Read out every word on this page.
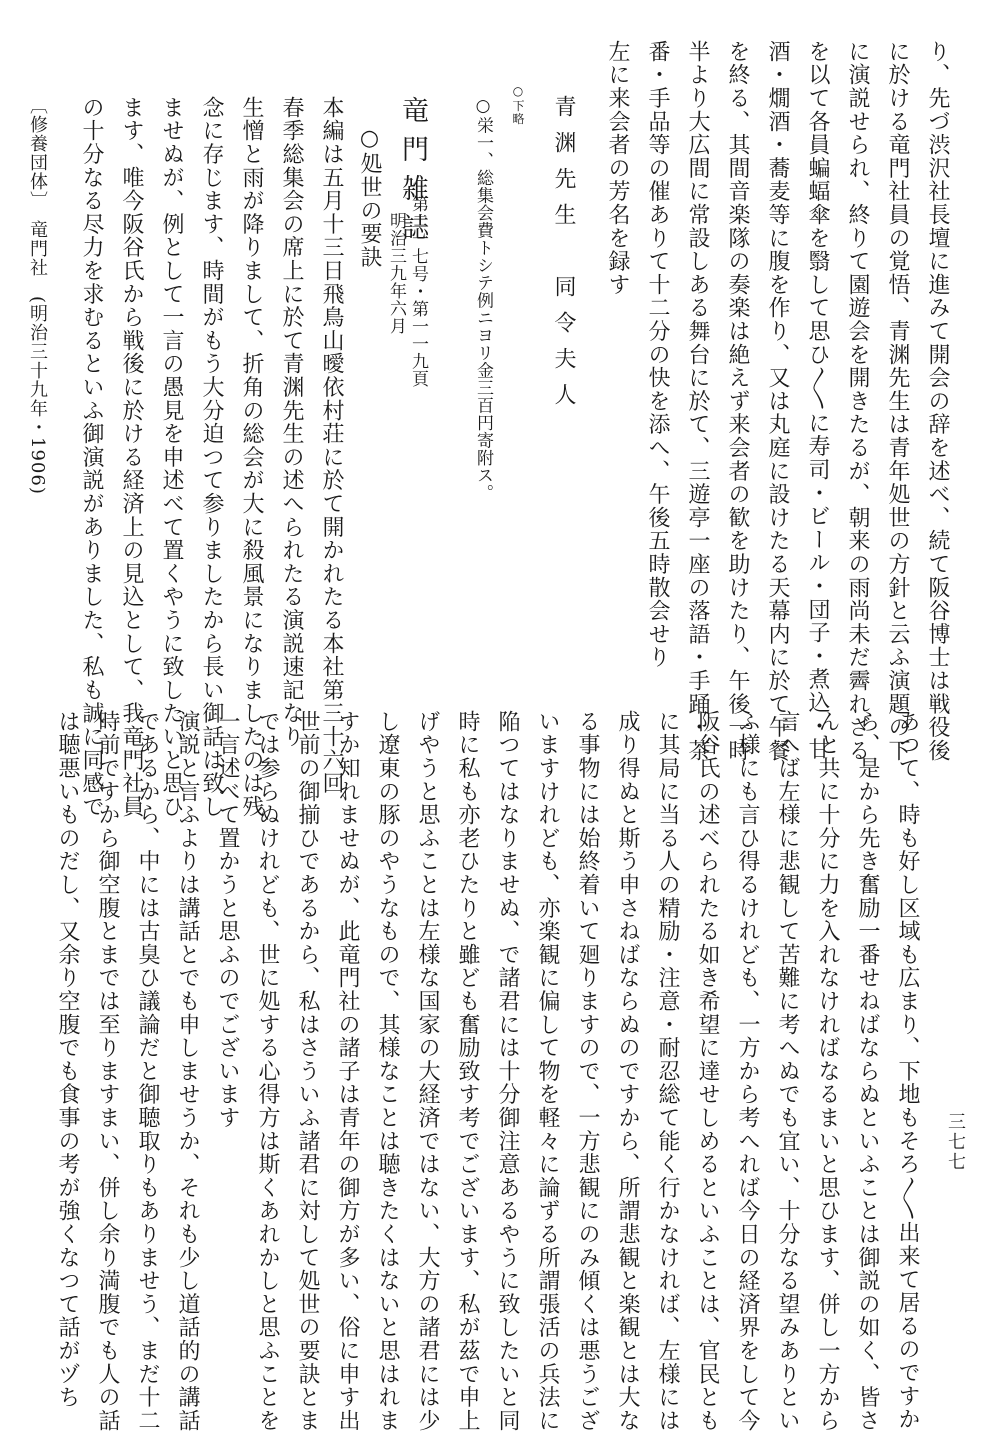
り、先づ渋沢社長壇に進みて開会の辞を述べ、続て阪谷博士は戦役後
に於ける竜門社員の覚悟、青渊先生は青年処世の方針と云ふ演題の下
に演説せられ、終りて園遊会を開きたるが、朝来の雨尚未だ霽れざる
を以て各員蝙蝠傘を翳して思ひ〳〵に寿司・ビール・団子・煮込・甘
酒・燗酒・蕎麦等に腹を作り、又は丸庭に設けたる天幕内に於て午餐
を終る、其間音楽隊の奏楽は絶えず来会者の歓を助けたり、午後一時
半より大広間に常設しある舞台に於て、三遊亭一座の落語・手踊・茶
番・手品等の催ありて十二分の快を添へ、午後五時散会せり
左に来会者の芳名を録す
青渊先生　同令夫人
○下略
○栄一、総集会費トシテ例ニヨリ金三百円寄附ス。
竜門雑誌
第二一七号・第一一九頁
明治三九年六月
○処世の要訣
本編は五月十三日飛鳥山曖依村荘に於て開かれたる本社第三十六回
春季総集会の席上に於て青渊先生の述へられたる演説速記なり
生憎と雨が降りまして、折角の総会が大に殺風景になりましたのは残
念に存じます、時間がもう大分迫つて参りましたから長い御話は致し
ませぬが、例として一言の愚見を申述べて置くやうに致したいと思ひ
ます、唯今阪谷氏から戦後に於ける経済上の見込として、我竜門社員
の十分なる尽力を求むるといふ御演説がありました、私も誠に同感で
〔修養団体〕　竜門社　(明治三十九年・1906)
あつて、時も好し区域も広まり、下地もそろ〳〵出来て居るのですか
ら、是から先き奮励一番せねばならぬといふことは御説の如く、皆さ
んと共に十分に力を入れなければなるまいと思ひます、併し一方から
言へば左様に悲観して苦難に考へぬでも宜い、十分なる望みありとい
ふ様にも言ひ得るけれども、一方から考へれば今日の経済界をして今
阪谷氏の述べられたる如き希望に達せしめるといふことは、官民とも
に其局に当る人の精励・注意・耐忍総て能く行かなければ、左様には
成り得ぬと斯う申さねばならぬのですから、所謂悲観と楽観とは大な
る事物には始終着いて廻りますので、一方悲観にのみ傾くは悪うござ
いますけれども、亦楽観に偏して物を軽々に論ずる所謂張活の兵法に
陥つてはなりませぬ、で諸君には十分御注意あるやうに致したいと同
時に私も亦老ひたりと雖ども奮励致す考でございます、私が茲で申上
げやうと思ふことは左様な国家の大経済ではない、大方の諸君には少
し遼東の豚のやうなもので、其様なことは聴きたくはないと思はれま
すか知れませぬが、此竜門社の諸子は青年の御方が多い、俗に申す出
世前の御揃ひであるから、私はさういふ諸君に対して処世の要訣とま
では参らぬけれども、世に処する心得方は斯くあれかしと思ふことを
一言述べて置かうと思ふのでございます
演説と言ふよりは講話とでも申しませうか、それも少し道話的の講話
であるから、中には古臭ひ議論だと御聴取りもありませう、まだ十二
時前ですから御空腹とまでは至りますまい、併し余り満腹でも人の話
は聴悪いものだし、又余り空腹でも食事の考が強くなつて話がヅち	三七七
